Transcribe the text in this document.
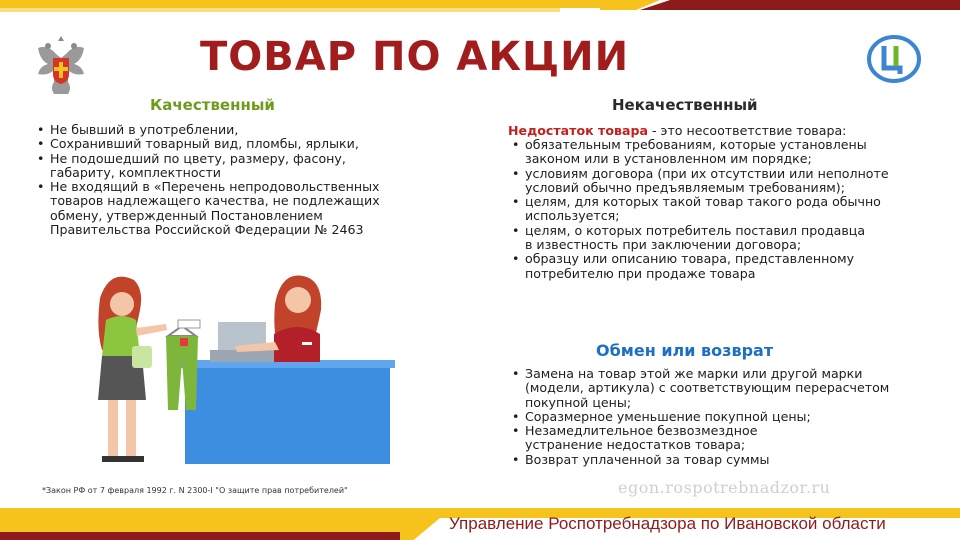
ТОВАР ПО АКЦИИ
Качественный
• Не бывший в употреблении,
• Сохранивший товарный вид, пломбы, ярлыки,
• Не подошедший по цвету, размеру, фасону, габариту, комплектности
• Не входящий в «Перечень непродовольственных товаров надлежащего качества, не подлежащих обмену, утвержденный Постановлением Правительства Российской Федерации № 2463
Некачественный
Недостаток товара - это несоответствие товара:
• обязательным требованиям, которые установлены законом или в установленном им порядке;
• условиям договора (при их отсутствии или неполноте условий обычно предъявляемым требованиям);
• целям, для которых такой товар такого рода обычно используется;
• целям, о которых потребитель поставил продавца в известность при заключении договора;
• образцу или описанию товара, представленному потребителю при продаже товара
Обмен или возврат
• Замена на товар этой же марки или другой марки (модели, артикула) с соответствующим перерасчетом покупной цены;
• Соразмерное уменьшение покупной цены;
• Незамедлительное безвозмездное устранение недостатков товара;
• Возврат уплаченной за товар суммы
*Закон РФ от 7 февраля 1992 г. N 2300-I "О защите прав потребителей"	egon.rospotrebnadzor.ru
Управление Роспотребнадзора по Ивановской области
